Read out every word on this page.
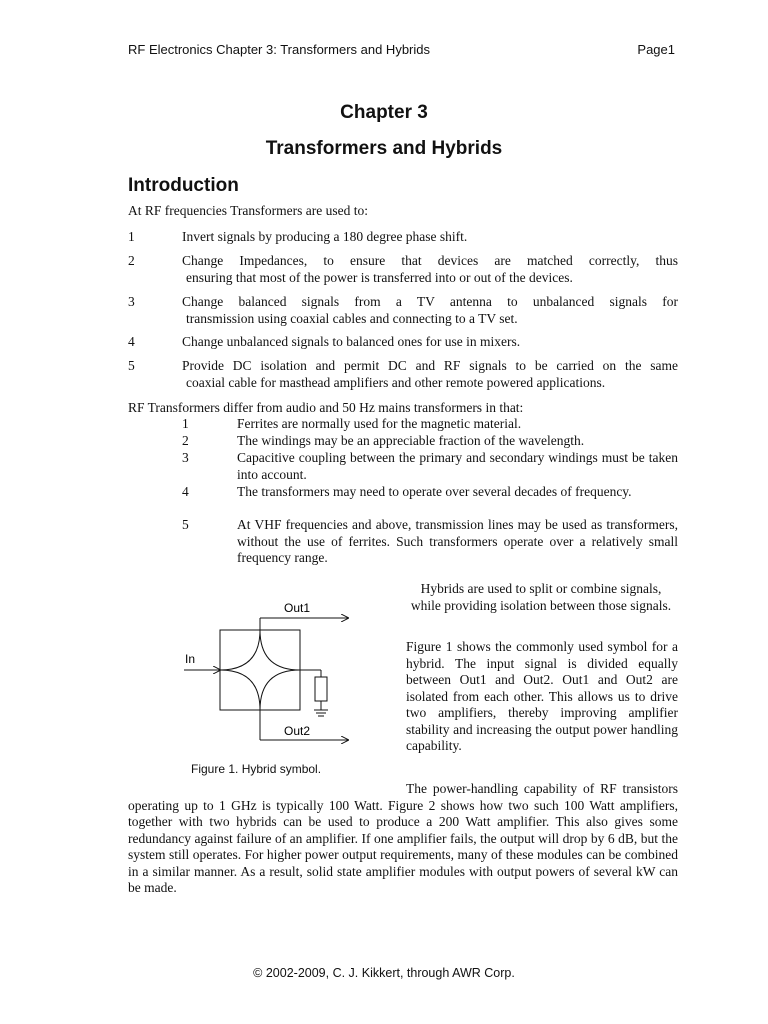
RF Electronics Chapter 3: Transformers and Hybrids	Page1
Chapter 3
Transformers and Hybrids
Introduction
At RF frequencies Transformers are used to:
1	Invert signals by producing a 180 degree phase shift.
2	Change Impedances, to ensure that devices are matched correctly, thus
ensuring that most of the power is transferred into or out of the devices.
3	Change balanced signals from a TV antenna to unbalanced signals for
transmission using coaxial cables and connecting to a TV set.
4	Change unbalanced signals to balanced ones for use in mixers.
5	Provide DC isolation and permit DC and RF signals to be carried on the same
coaxial cable for masthead amplifiers and other remote powered applications.
RF Transformers differ from audio and 50 Hz mains transformers in that:
1	Ferrites are normally used for the magnetic material.
2	The windings may be an appreciable fraction of the wavelength.
3	Capacitive coupling between the primary and secondary windings must be taken into account.
4	The transformers may need to operate over several decades of frequency.
5	At VHF frequencies and above, transmission lines may be used as transformers, without the use of ferrites. Such transformers operate over a relatively small frequency range.
Hybrids are used to split or combine signals, while providing isolation between those signals.
Figure 1 shows the commonly used symbol for a hybrid. The input signal is divided equally between Out1 and Out2. Out1 and Out2 are isolated from each other. This allows us to drive two amplifiers, thereby improving amplifier stability and increasing the output power handling capability.
Out1
In
Out2
Figure 1. Hybrid symbol.
The power-handling capability of RF transistors operating up to 1 GHz is typically 100 Watt. Figure 2 shows how two such 100 Watt amplifiers, together with two hybrids can be used to produce a 200 Watt amplifier. This also gives some redundancy against failure of an amplifier. If one amplifier fails, the output will drop by 6 dB, but the system still operates. For higher power output requirements, many of these modules can be combined in a similar manner. As a result, solid state amplifier modules with output powers of several kW can be made.
© 2002-2009, C. J. Kikkert, through AWR Corp.
